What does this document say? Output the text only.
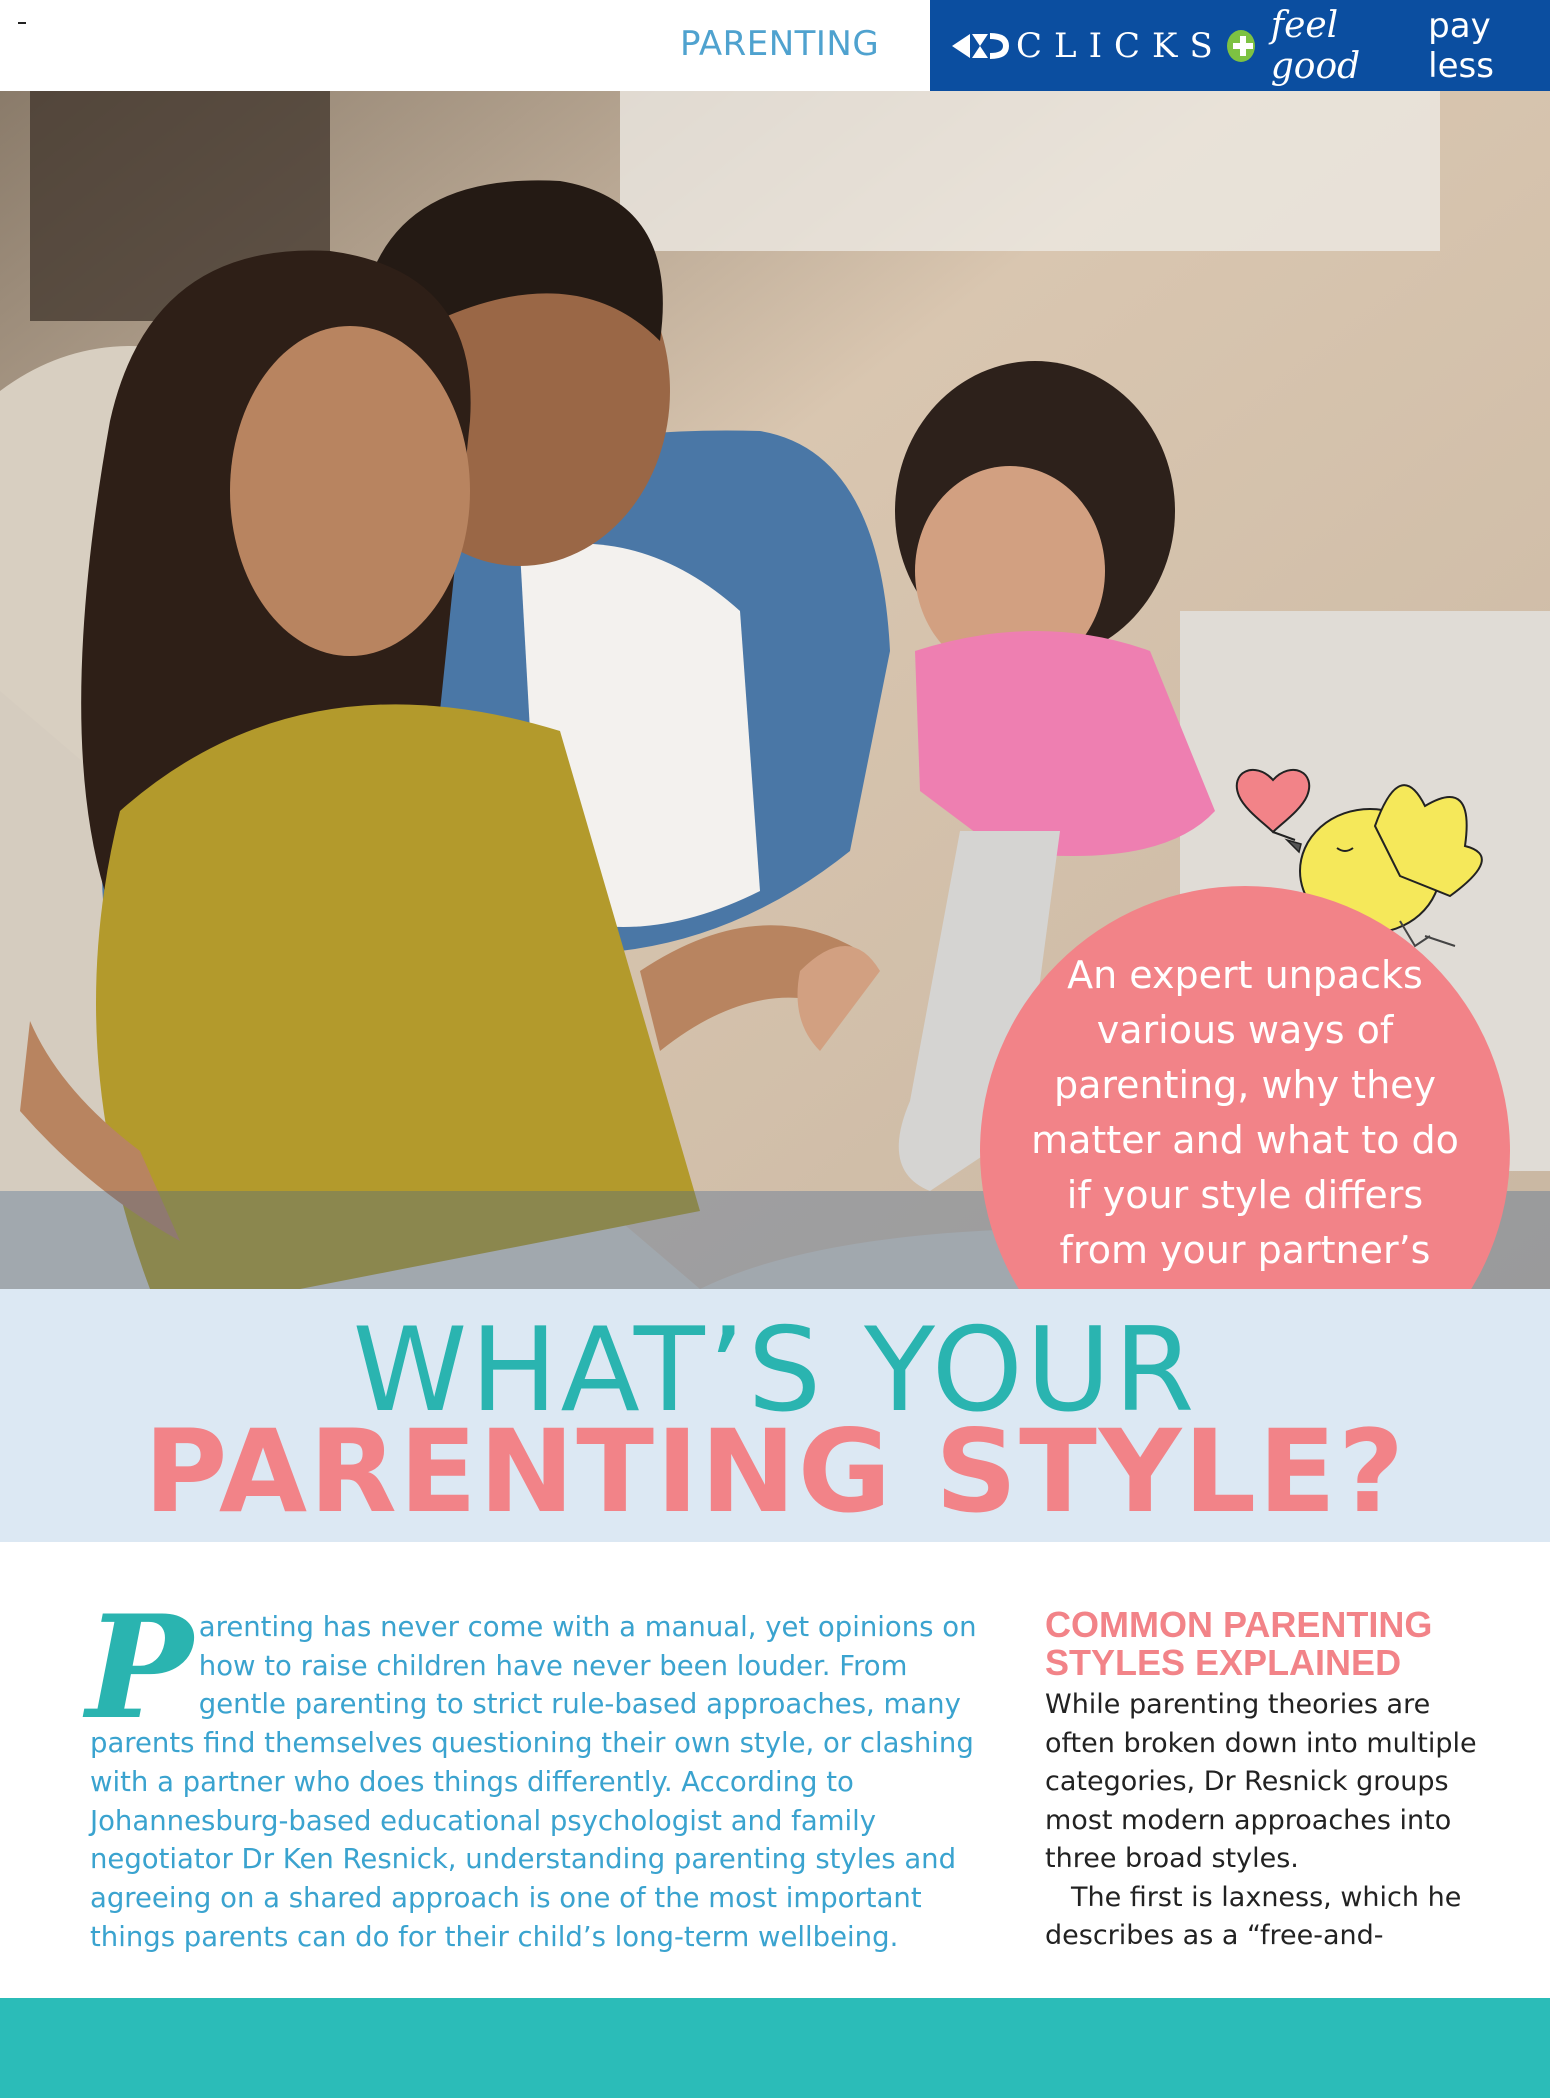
PARENTING	CLICKS feel good
pay less
An expert unpacks various ways of parenting, why they matter and what to do if your style differs from your partner’s
WHAT’S YOUR
PARENTING STYLE?
P arenting has never come with a manual, yet opinions on how to raise children have never been louder. From gentle parenting to strict rule-based approaches, many parents find themselves questioning their own style, or clashing with a partner who does things differently. According to Johannesburg-based educational psychologist and family negotiator Dr Ken Resnick, understanding parenting styles and agreeing on a shared approach is one of the most important things parents can do for their child’s long-term wellbeing.
COMMON PARENTING STYLES EXPLAINED

While parenting theories are often broken down into multiple categories, Dr Resnick groups most modern approaches into three broad styles.

The first is laxness, which he describes as a “free-and-
